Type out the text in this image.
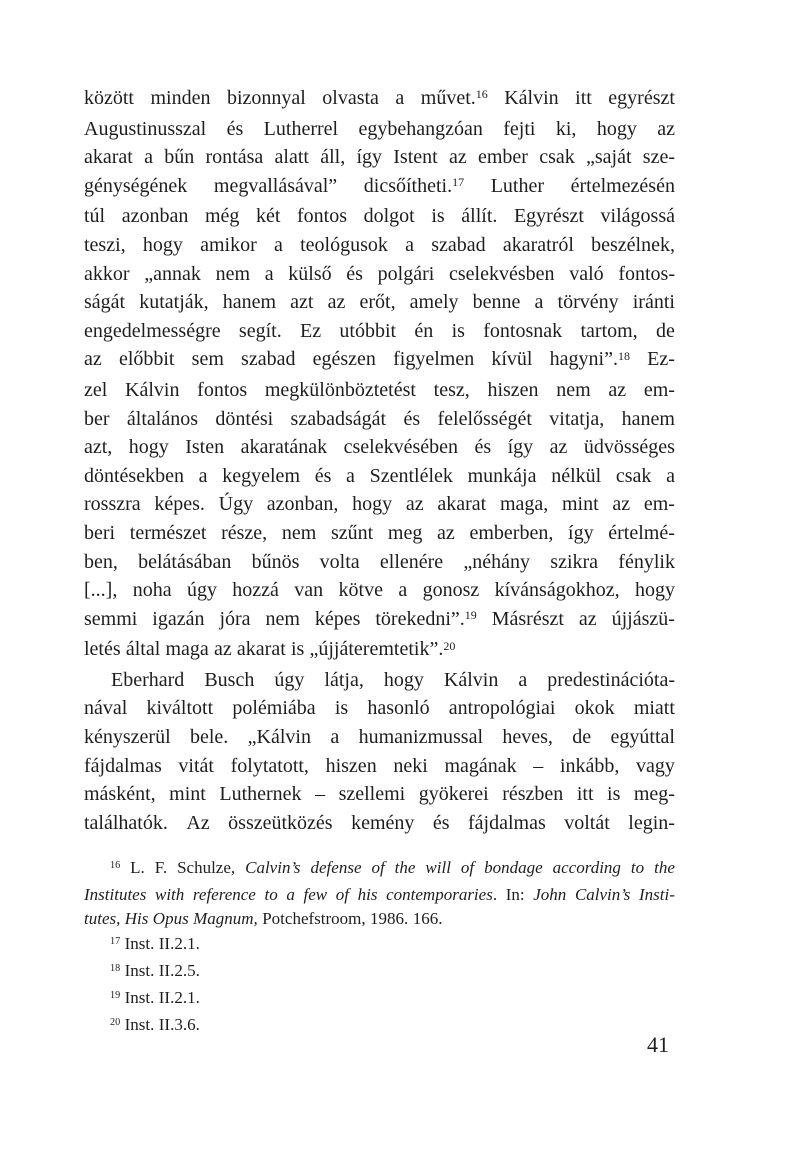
között minden bizonnyal olvasta a művet.$^{16}$ Kálvin itt egyrészt
Augustinusszal és Lutherrel egybehangzóan fejti ki, hogy az
akarat a bűn rontása alatt áll, így Istent az ember csak „saját sze-
génységének megvallásával” dicsőítheti.$^{17}$ Luther értelmezésén
túl azonban még két fontos dolgot is állít. Egyrészt világossá
teszi, hogy amikor a teológusok a szabad akaratról beszélnek,
akkor „annak nem a külső és polgári cselekvésben való fontos-
ságát kutatják, hanem azt az erőt, amely benne a törvény iránti
engedelmességre segít. Ez utóbbit én is fontosnak tartom, de
az előbbit sem szabad egészen figyelmen kívül hagyni”.$^{18}$ Ez-
zel Kálvin fontos megkülönböztetést tesz, hiszen nem az em-
ber általános döntési szabadságát és felelősségét vitatja, hanem
azt, hogy Isten akaratának cselekvésében és így az üdvösséges
döntésekben a kegyelem és a Szentlélek munkája nélkül csak a
rosszra képes. Úgy azonban, hogy az akarat maga, mint az em-
beri természet része, nem szűnt meg az emberben, így értelmé-
ben, belátásában bűnös volta ellenére „néhány szikra fénylik
[...], noha úgy hozzá van kötve a gonosz kívánságokhoz, hogy
semmi igazán jóra nem képes törekedni”.$^{19}$ Másrészt az újjászü-
letés által maga az akarat is „újjáteremtetik”.$^{20}$
Eberhard Busch úgy látja, hogy Kálvin a predestinációta-
nával kiváltott polémiába is hasonló antropológiai okok miatt
kényszerül bele. „Kálvin a humanizmussal heves, de egyúttal
fájdalmas vitát folytatott, hiszen neki magának – inkább, vagy
másként, mint Luthernek – szellemi gyökerei részben itt is meg-
találhatók. Az összeütközés kemény és fájdalmas voltát legin-
$^{16}$ L. F. Schulze, Calvin’s defense of the will of bondage according to the
Institutes with reference to a few of his contemporaries. In: John Calvin’s Insti-
tutes, His Opus Magnum, Potchefstroom, 1986. 166.
$^{17}$ Inst. II.2.1.
$^{18}$ Inst. II.2.5.
$^{19}$ Inst. II.2.1.
$^{20}$ Inst. II.3.6.
41
